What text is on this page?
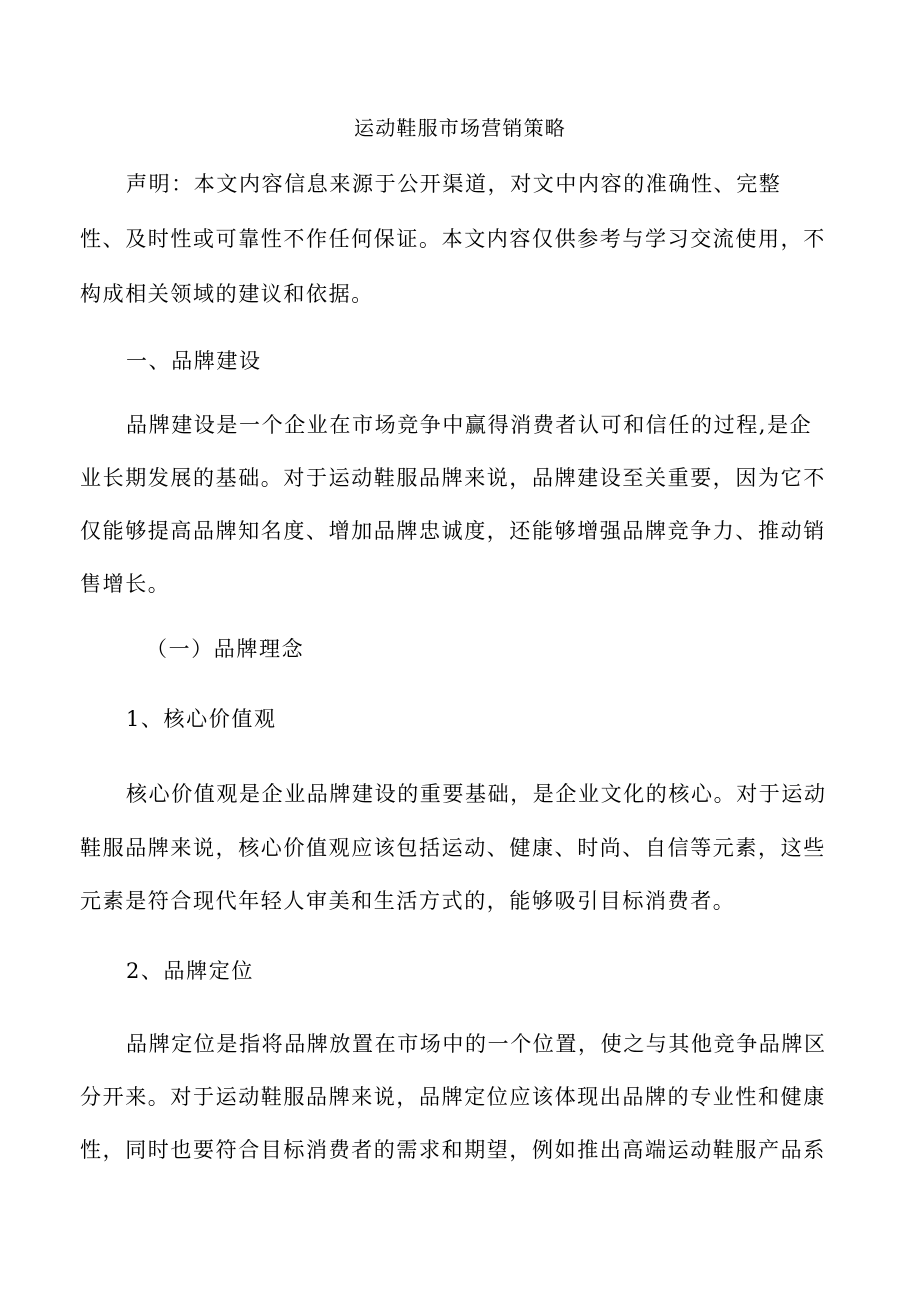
运动鞋服市场营销策略
声明：本文内容信息来源于公开渠道，对文中内容的准确性、完整
性、及时性或可靠性不作任何保证。本文内容仅供参考与学习交流使用，不
构成相关领域的建议和依据。
一、品牌建设
品牌建设是一个企业在市场竞争中赢得消费者认可和信任的过程,是企
业长期发展的基础。对于运动鞋服品牌来说，品牌建设至关重要，因为它不
仅能够提高品牌知名度、增加品牌忠诚度，还能够增强品牌竞争力、推动销
售增长。
（一）品牌理念
1、核心价值观
核心价值观是企业品牌建设的重要基础，是企业文化的核心。对于运动
鞋服品牌来说，核心价值观应该包括运动、健康、时尚、自信等元素，这些
元素是符合现代年轻人审美和生活方式的，能够吸引目标消费者。
2、品牌定位
品牌定位是指将品牌放置在市场中的一个位置，使之与其他竞争品牌区
分开来。对于运动鞋服品牌来说，品牌定位应该体现出品牌的专业性和健康
性，同时也要符合目标消费者的需求和期望，例如推出高端运动鞋服产品系
